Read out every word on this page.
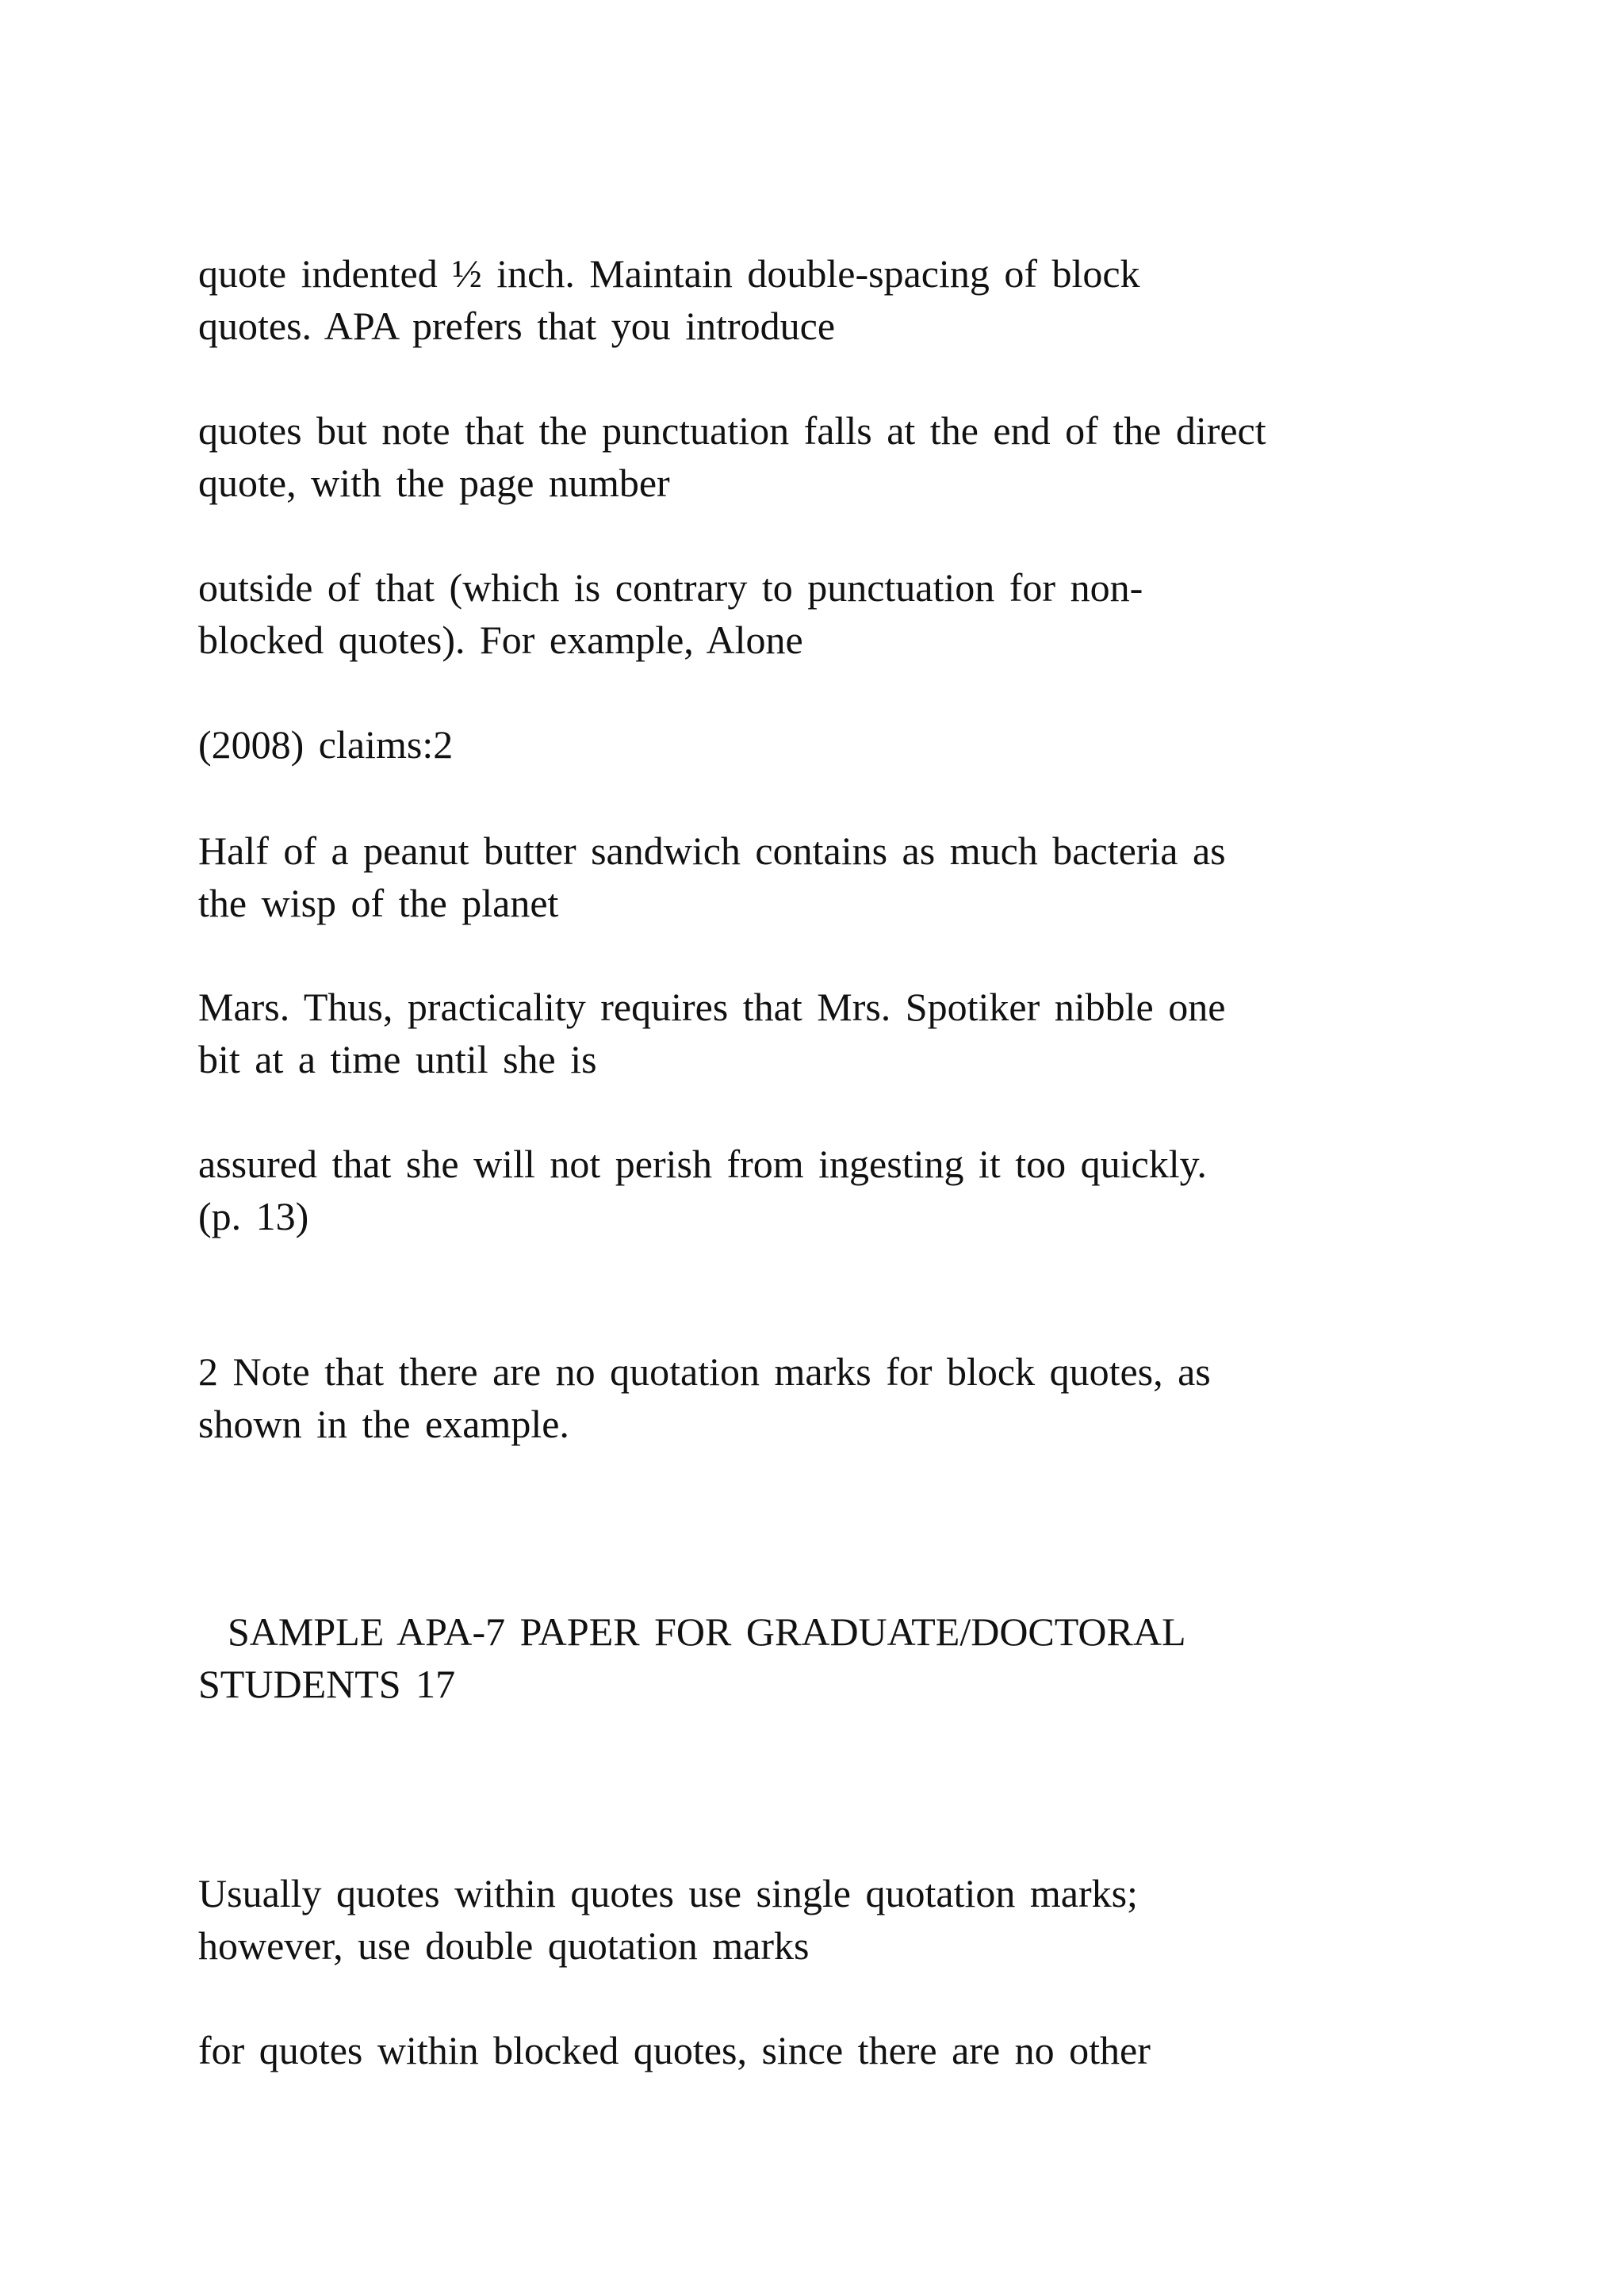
quote indented ½ inch. Maintain double-spacing of block
quotes. APA prefers that you introduce

quotes but note that the punctuation falls at the end of the direct
quote, with the page number

outside of that (which is contrary to punctuation for non-
blocked quotes). For example, Alone

(2008) claims:2

Half of a peanut butter sandwich contains as much bacteria as
the wisp of the planet

Mars. Thus, practicality requires that Mrs. Spotiker nibble one
bit at a time until she is

assured that she will not perish from ingesting it too quickly.
(p. 13)

2 Note that there are no quotation marks for block quotes, as
shown in the example.

SAMPLE APA-7 PAPER FOR GRADUATE/DOCTORAL
STUDENTS 17

Usually quotes within quotes use single quotation marks;
however, use double quotation marks

for quotes within blocked quotes, since there are no other
